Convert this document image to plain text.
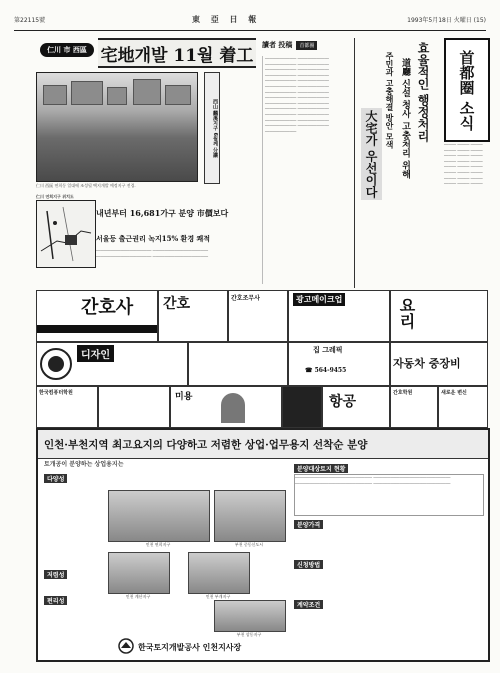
第22115號	東 亞 日 報	1993年5月18日 火曜日 (15)
仁川 市 西區 宅地개발 11월 着工
仁川 西區 연희동 일대에 조성될 택지개발 예정지구 전경.
西山 麟溪지구 6월께 分讓
仁川 연희지구 위치도
내년부터 16,681가구 분양 市價보다
서울등 출근권리 녹지15% 환경 쾌적
─────────────────────── ─────────────────────── ─────────────────────── ───────────────────────
讀者 投稿	首都圈
───────────── ───────────── ───────────── ───────────── ───────────── ───────────── ───────────── ───────────── ───────────── ───────────── ───────────── ───────────── ───────────── ───────────── ───────────── ───────────── ───────────── ───────────── ───────────── ───────────── ───────────── ───────────── ───────────── ───────────── ───────────── ───────────── ─────────────	효율적인 행정처리
道廳 신설 청사 고충처리 위해
주민과 고충해결 방안 모색
大宅가 우선이다
首都圈 소식
───── ───── ───── ───── ───── ───── ───── ───── ───── ───── ───── ───── ───── ───── ───── ───── ───── ───── ───── ───── ───── ───── ───── ─────
간호사 간호	간호조무사	광고메이크업	요리
디자인
집 그레픽
☎ 564-9455
자동차 중장비
한국컴퓨터학원	미용	항공
간호학원	새로운 변신
인천·부천지역 최고요지의 다양하고 저렴한 상업·업무용지 선착순 분양
토개공이 분양하는 상업용지는
다양성
저렴성
편리성
인천 연희지구	부천 중동신도시
인천 계산지구	인천 부개지구
부천 상동지구
분양대상토지 현황
──────────────────────────────── ──────────────────────────────── ──────────────────────────────── ────────────────────────────────
분양가격
신청방법
계약조건
한국토지개발공사 인천지사장
